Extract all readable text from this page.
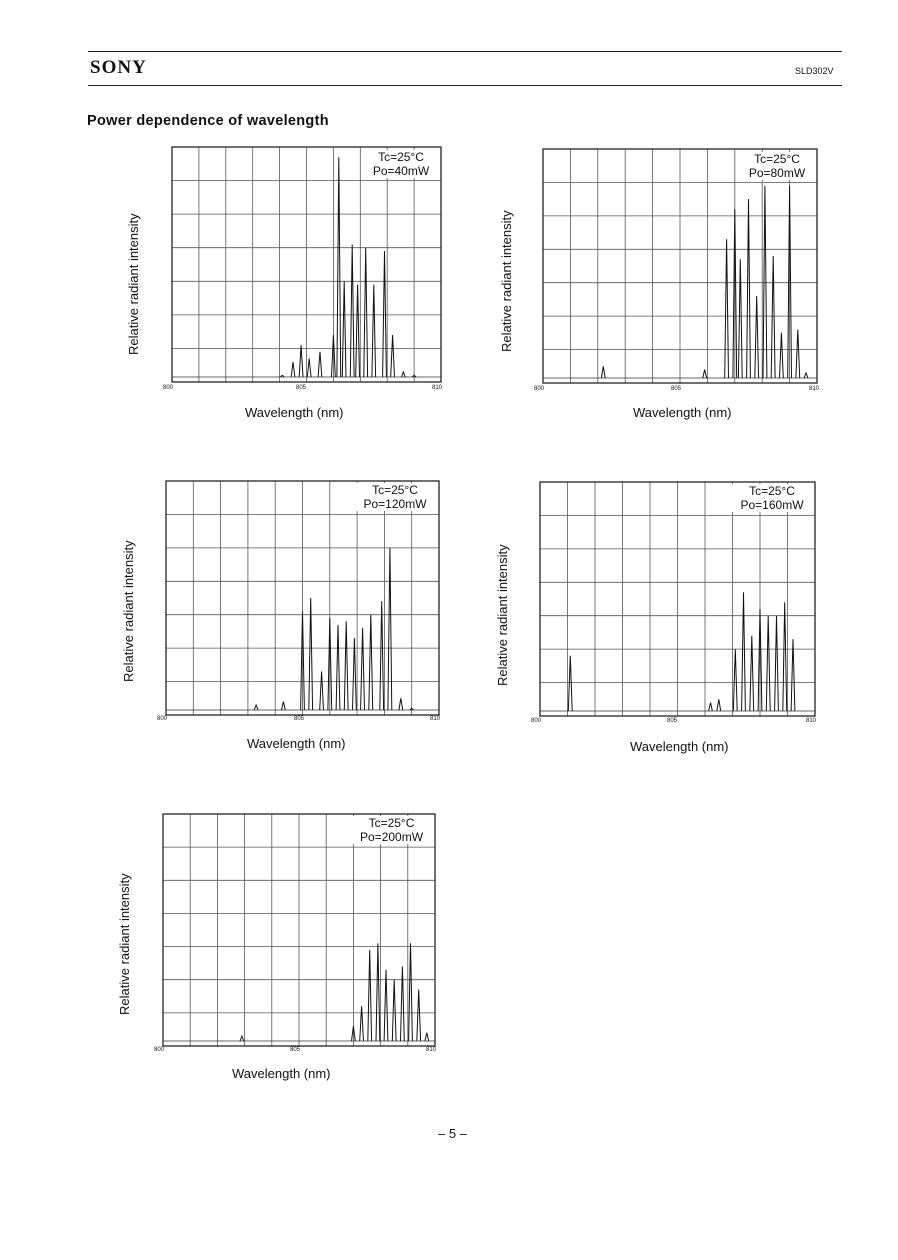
SONY	SLD302V
Power dependence of wavelength
Tc=25°C
Po=40mW
Relative radiant intensity
800	805	810
Wavelength (nm)
Tc=25°C
Po=80mW
Relative radiant intensity
800	805	810
Wavelength (nm)
Tc=25°C
Po=120mW
Relative radiant intensity
800	805	810
Wavelength (nm)
Tc=25°C
Po=160mW
Relative radiant intensity
800	805	810
Wavelength (nm)
Tc=25°C
Po=200mW
Relative radiant intensity
800	805	810
Wavelength (nm)
– 5 –
